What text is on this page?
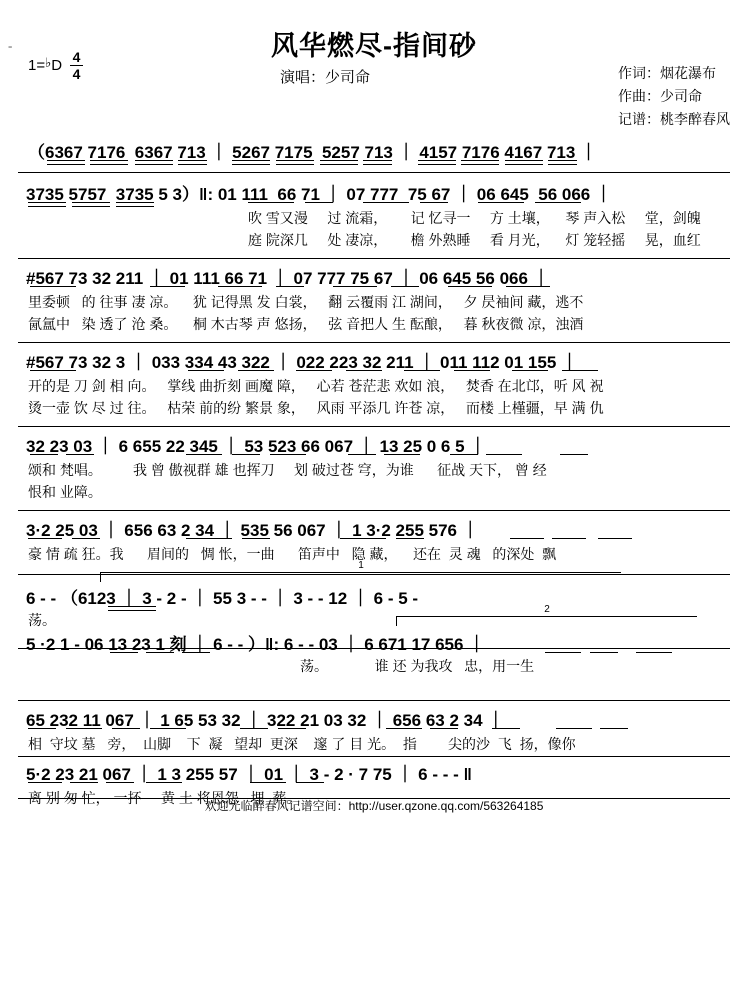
-	风华燃尽-指间砂
演唱：少司命
1=♭D 4
4	作词：烟花瀑布
作曲：少司命
记谱：桃李醉春风

（6367 7176  6367 713 ｜ 5267 7175  5257 713 ｜ 4157 7176 4167 713 ｜

3735 5757  3735 5 3）‖: 01 111  66 71 ｜ 07 777  75 67 ｜ 06 645  56 066 ｜

吹 雪又漫     过 流霜，      记 忆寻一     方 土壤，    琴 声入松     堂，剑魄

庭 院深几     处 凄凉，      檐 外熟睡     看 月光，    灯 笼轻摇     晃，血红

#567 73 32 211 ｜ 01 111 66 71 ｜ 07 777 75 67 ｜ 06 645 56 066 ｜

里委顿   的 往事 凄 凉。    犹 记得黑 发 白裳，   翻 云覆雨 江 湖间，   夕 昃袖间 藏，逃不

氤氲中   染 透了 沧 桑。    桐 木古琴 声 悠扬，   弦 音把人 生 酝酿，   暮 秋夜微 凉，浊酒

#567 73 32 3 ｜ 033 334 43 322 ｜ 022 223 32 211 ｜ 011 112 01 155 ｜

开的是 刀 剑 相 向。   掌线 曲折刻 画魔 障，   心若 苍茫悲 欢如 浪，   焚香 在北邙，听 风 祝

烫一壶 饮 尽 过 往。   枯荣 前的纷 繁景 象，   风雨 平添几 许苍 凉，   而楼 上槿疆，早 满 仇

32 23 03 ｜ 6 655 22 345 ｜ 53 523 66 067 ｜ 13 25 0 6 5 ｜

颂和 梵唱。        我 曾 傲视群 雄 也挥刀     划 破过苍 穹，为谁      征战 天下， 曾 经

恨和 业障。

3·2 25 03 ｜ 656 63 2 34 ｜ 535 56 067 ｜ 1 3·2 255 576 ｜

豪 情 疏 狂。我      眉间的   惆 怅，一曲      笛声中   隐 藏，    还在  灵 魂   的深处  飘

1

6 - - （6123 ｜ 3 - 2 - ｜ 55 3 - - ｜ 3 - - 12 ｜ 6 - 5 -

荡。

2

5 ·2 1 - 06 13 23 1 刻 ｜ 6 - - ）‖: 6 - - 03 ｜ 6 671 17 656 ｜

荡。            谁 还 为我攻   忠，用一生

65 232 11 067 ｜ 1 65 53 32 ｜ 322 21 03 32 ｜ 656 63 2 34 ｜

相  守坟 墓   旁，  山脚    下  凝   望却  更深    邃 了 目 光。  指        尖的沙  飞  扬，像你

5·2 23 21 067 ｜ 1 3 255 57 ｜ 01 ｜ 3 - 2 · 7 75 ｜ 6 - - - ‖

离 别 匆 忙， 一抔     黄 土 将恩怨   埋  葬。

欢迎光临醉春风记谱空间：http://user.qzone.qq.com/563264185
